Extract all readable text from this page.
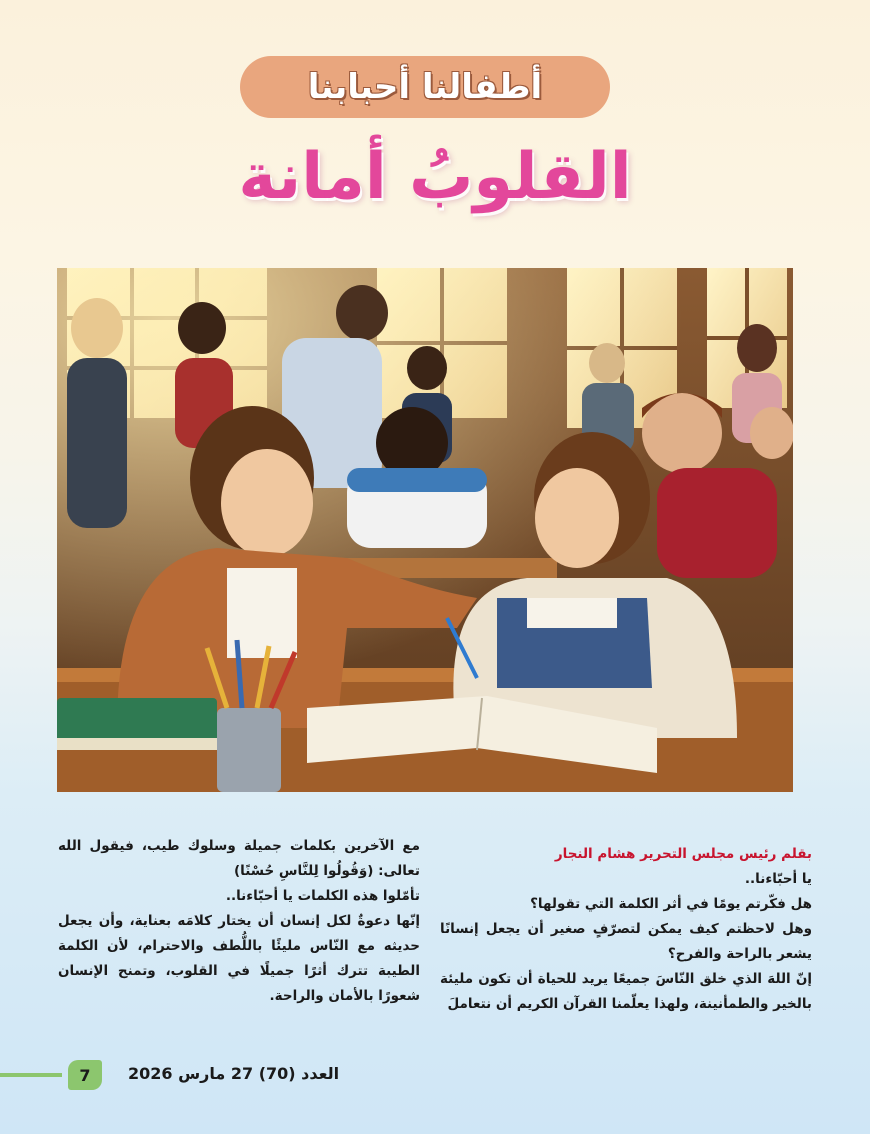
أطفالنا أحبابنا
القلوبُ أمانة

بقلم رئيس مجلس التحرير هشام النجار

يا أحبّاءنا..

هل فكّرتم يومًا في أثر الكلمة التي تقولها؟

وهل لاحظتم كيف يمكن لتصرّفٍ صغير أن يجعل إنسانًا يشعر بالراحة والفرح؟

إنّ اللهَ الذي خلق النّاسَ جميعًا يريد للحياة أن تكون مليئة بالخير والطمأنينة، ولهذا يعلّمنا القرآن الكريم أن نتعاملَ

مع الآخرين بكلمات جميلة وسلوك طيب، فيقول الله تعالى: (وَقُولُوا لِلنَّاسِ حُسْنًا)

تأمّلوا هذه الكلمات يا أحبّاءنا..

إنّها دعوةٌ لكل إنسان أن يختار كلامَه بعناية، وأن يجعل حديثه مع النّاس مليئًا باللُّطف والاحترام، لأن الكلمة الطيبة تترك أثرًا جميلًا في القلوب، وتمنح الإنسان شعورًا بالأمان والراحة.

7 العدد (70) 27 مارس 2026
